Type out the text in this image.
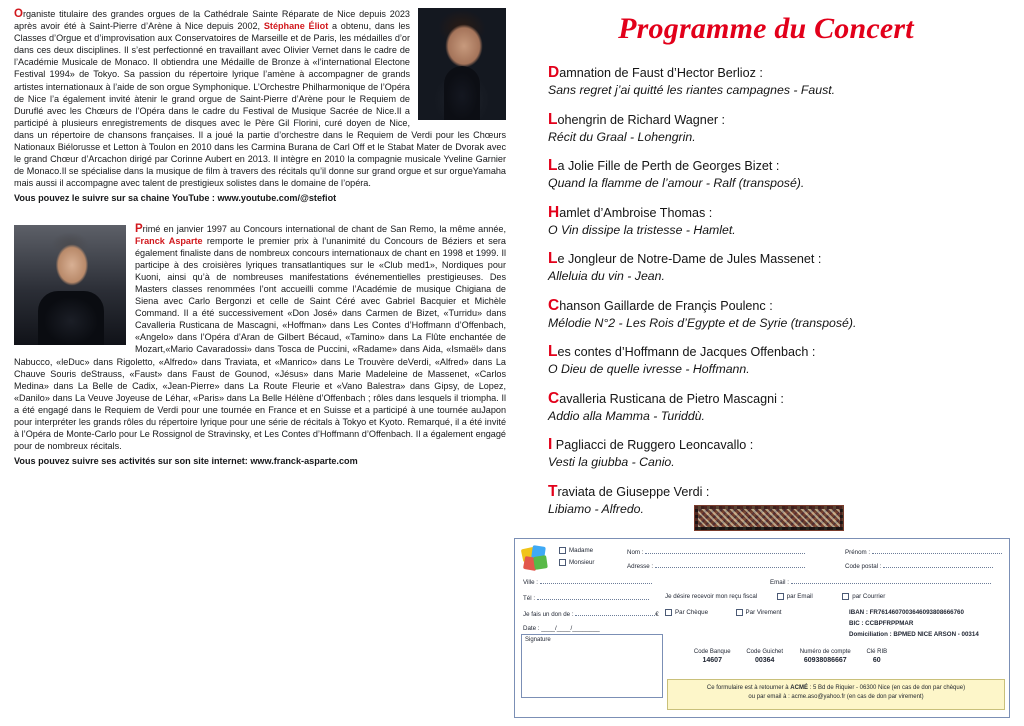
Organiste titulaire des grandes orgues de la Cathédrale Sainte Réparate de Nice depuis 2023 après avoir été à Saint-Pierre d’Arène à Nice depuis 2002, Stéphane Éliot a obtenu, dans les Classes d’Orgue et d’improvisation aux Conservatoires de Marseille et de Paris, les médailles d’or dans ces deux disciplines. Il s’est perfectionné en travaillant avec Olivier Vernet dans le cadre de l’Académie Musicale de Monaco. Il obtiendra une Médaille de Bronze à «l’international Electone Festival 1994» de Tokyo. Sa passion du répertoire lyrique l’amène à accompagner de grands artistes internationaux à l’aide de son orgue Symphonique. L’Orchestre Philharmonique de l’Opéra de Nice l’a également invité àtenir le grand orgue de Saint-Pierre d’Arène pour le Requiem de Duruflé avec les Chœurs de l’Opéra dans le cadre du Festival de Musique Sacrée de Nice.Il a participé à plusieurs enregistrements de disques avec le Père Gil Florini, curé doyen de Nice, dans un répertoire de chansons françaises. Il a joué la partie d’orchestre dans le Requiem de Verdi pour les Chœurs Nationaux Biélorusse et Letton à Toulon en 2010 dans les Carmina Burana de Carl Off et le Stabat Mater de Dvorak avec le grand Chœur d’Arcachon dirigé par Corinne Aubert en 2013. Il intègre en 2010 la compagnie musicale Yveline Garnier de Monaco.Il se spécialise dans la musique de film à travers des récitals qu’il donne sur grand orgue et sur orgueYamaha mais aussi il accompagne avec talent de prestigieux solistes dans le domaine de l’opéra.
Vous pouvez le suivre sur sa chaine YouTube : www.youtube.com/@stefiot
Primé en janvier 1997 au Concours international de chant de San Remo, la même année, Franck Asparte remporte le premier prix à l’unanimité du Concours de Béziers et sera également finaliste dans de nombreux concours internationaux de chant en 1998 et 1999. Il participe à des croisières lyriques transatlantiques sur le «Club med1», Nordiques pour Kuoni, ainsi qu’à de nombreuses manifestations événementielles prestigieuses. Des Masters classes renommées l’ont accueilli comme l’Académie de musique Chigiana de Siena avec Carlo Bergonzi et celle de Saint Céré avec Gabriel Bacquier et Michèle Command. Il a été successivement «Don José» dans Carmen de Bizet, «Turridu» dans Cavalleria Rusticana de Mascagni, «Hoffman» dans Les Contes d’Hoffmann d’Offenbach, «Angelo» dans l’Opéra d’Aran de Gilbert Bécaud, «Tamino» dans La Flûte enchantée de Mozart,«Mario Cavaradossi» dans Tosca de Puccini, «Radame» dans Aida, «Ismaël» dans Nabucco, «leDuc» dans Rigoletto, «Alfredo» dans Traviata, et «Manrico» dans Le Trouvère deVerdi, «Alfred» dans La Chauve Souris deStrauss, «Faust» dans Faust de Gounod, «Jésus» dans Marie Madeleine de Massenet, «Carlos Medina» dans La Belle de Cadix, «Jean-Pierre» dans La Route Fleurie et «Vano Balestra» dans Gipsy, de Lopez, «Danilo» dans La Veuve Joyeuse de Léhar, «Paris» dans La Belle Hélène d’Offenbach ; rôles dans lesquels il triompha. Il a été engagé dans le Requiem de Verdi pour une tournée en France et en Suisse et a participé à une tournée auJapon pour interpréter les grands rôles du répertoire lyrique pour une série de récitals à Tokyo et Kyoto. Remarqué, il a été invité à l’Opéra de Monte-Carlo pour Le Rossignol de Stravinsky, et Les Contes d’Hoffmann d’Offenbach. Il a également engagé pour de nombreux récitals.
Vous pouvez suivre ses activités sur son site internet: www.franck-asparte.com
Programme du Concert
Damnation de Faust d’Hector Berlioz :
Sans regret j’ai quitté les riantes campagnes - Faust.
Lohengrin de Richard Wagner :
Récit du Graal - Lohengrin.
La Jolie Fille de Perth de Georges Bizet :
Quand la flamme de l’amour - Ralf (transposé).
Hamlet d’Ambroise Thomas :
O Vin dissipe la tristesse - Hamlet.
Le Jongleur de Notre-Dame de Jules Massenet :
Alleluia du vin - Jean.
Chanson Gaillarde de Françis Poulenc :
Mélodie N°2 - Les Rois d’Egypte et de Syrie (transposé).
Les contes d’Hoffmann de Jacques Offenbach :
O Dieu de quelle ivresse - Hoffmann.
Cavalleria Rusticana de Pietro Mascagni :
Addio alla Mamma - Turiddù.
I Pagliacci de Ruggero Leoncavallo :
Vesti la giubba - Canio.
Traviata de Giuseppe Verdi :
Libiamo - Alfredo.
Madame
Monsieur
Nom :	Prénom :
Adresse :	Code postal :
Ville :	Email :
Tél :	Je désire recevoir mon reçu fiscal	par Email	par Courrier
Je fais un don de :	€	Par Chèque	Par Virement
Date : ____/____/________
IBAN : FR7614607003646093808666760
BIC : CCBPFRPPMAR
Domiciliation : BPMED NICE ARSON - 00314
Code Banque	Code Guichet	Numéro de compte	Clé RIB
14607	00364	60938086667	60
Signature
Ce formulaire est à retourner à ACMÉ : 5 Bd de Riquier - 06300 Nice (en cas de don par chèque)
ou par email à : acme.aso@yahoo.fr (en cas de don par virement)
